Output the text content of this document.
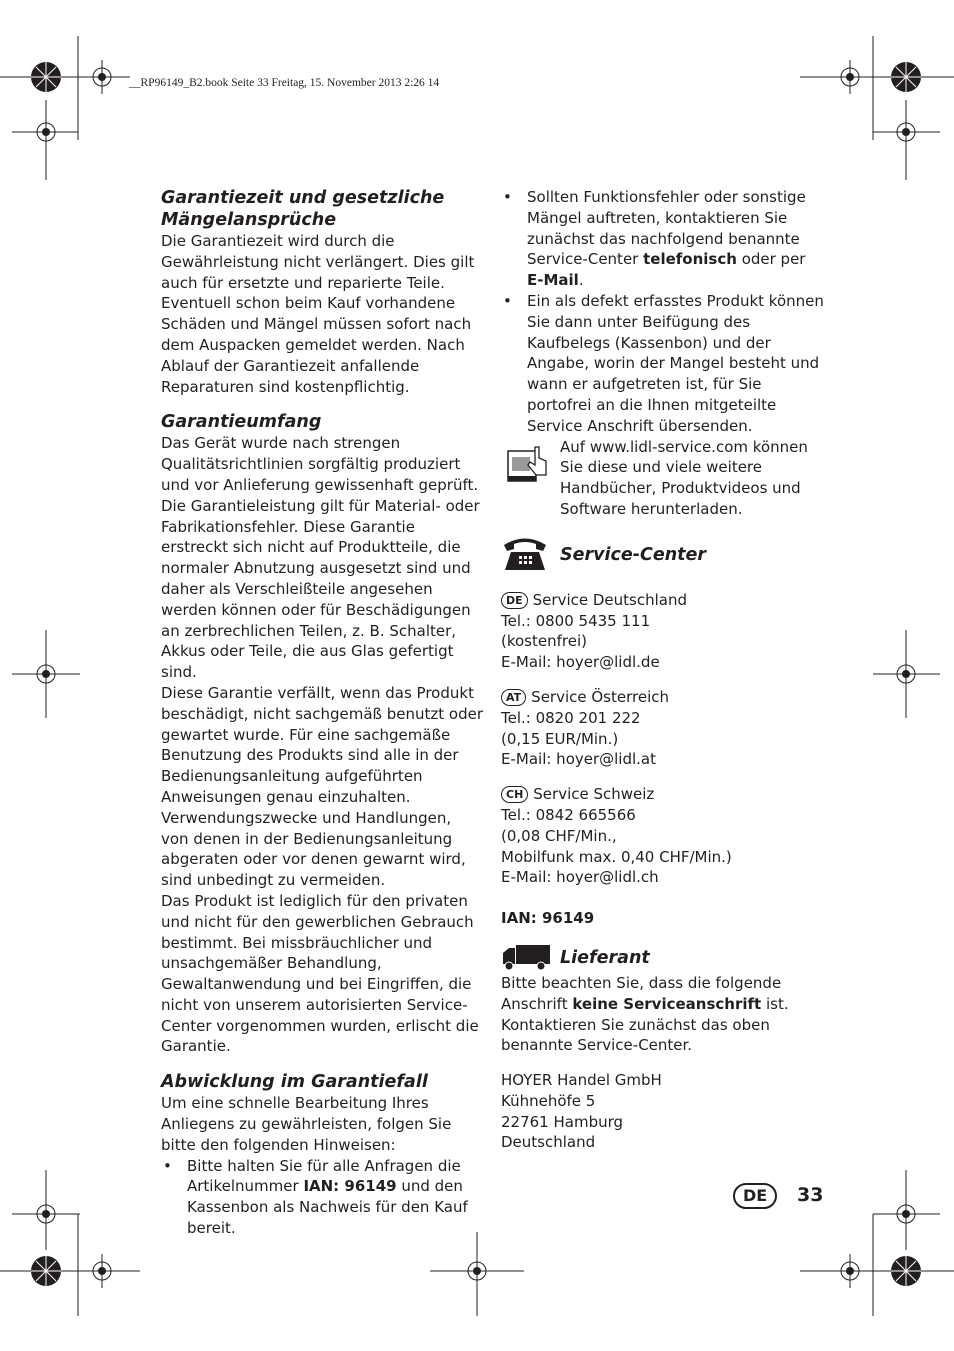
__RP96149_B2.book Seite 33 Freitag, 15. November 2013 2:26 14

Garantiezeit und gesetzliche

Mängelansprüche

Die Garantiezeit wird durch die Gewährleistung nicht verlängert. Dies gilt auch für ersetzte und reparierte Teile. Eventuell schon beim Kauf vorhandene Schäden und Mängel müssen sofort nach dem Auspacken gemeldet werden. Nach Ablauf der Garantiezeit anfallende Reparaturen sind kostenpflichtig.

Garantieumfang

Das Gerät wurde nach strengen Qualitätsrichtlinien sorgfältig produziert und vor Anlieferung gewissenhaft geprüft.

Die Garantieleistung gilt für Material- oder Fabrikationsfehler. Diese Garantie erstreckt sich nicht auf Produktteile, die normaler Abnutzung ausgesetzt sind und daher als Verschleißteile angesehen werden können oder für Beschädigungen an zerbrechlichen Teilen, z. B. Schalter, Akkus oder Teile, die aus Glas gefertigt sind.

Diese Garantie verfällt, wenn das Produkt beschädigt, nicht sachgemäß benutzt oder gewartet wurde. Für eine sachgemäße Benutzung des Produkts sind alle in der Bedienungsanleitung aufgeführten Anweisungen genau einzuhalten. Verwendungszwecke und Handlungen, von denen in der Bedienungsanleitung abgeraten oder vor denen gewarnt wird, sind unbedingt zu vermeiden.

Das Produkt ist lediglich für den privaten und nicht für den gewerblichen Gebrauch bestimmt. Bei missbräuchlicher und unsachgemäßer Behandlung, Gewaltanwendung und bei Eingriffen, die nicht von unserem autorisierten Service-Center vorgenommen wurden, erlischt die Garantie.

Abwicklung im Garantiefall

Um eine schnelle Bearbeitung Ihres Anliegens zu gewährleisten, folgen Sie bitte den folgenden Hinweisen:

• Bitte halten Sie für alle Anfragen die Artikelnummer IAN: 96149 und den Kassenbon als Nachweis für den Kauf bereit.
• Sollten Funktionsfehler oder sonstige Mängel auftreten, kontaktieren Sie zunächst das nachfolgend benannte Service-Center telefonisch oder per E-Mail.
• Ein als defekt erfasstes Produkt können Sie dann unter Beifügung des Kaufbelegs (Kassenbon) und der Angabe, worin der Mangel besteht und wann er aufgetreten ist, für Sie portofrei an die Ihnen mitgeteilte Service Anschrift übersenden.

Auf www.lidl-service.com können Sie diese und viele weitere Handbücher, Produktvideos und Software herunterladen.

Service-Center

DE Service Deutschland

Tel.: 0800 5435 111

(kostenfrei)

E-Mail: hoyer@lidl.de

AT Service Österreich

Tel.: 0820 201 222

(0,15 EUR/Min.)

E-Mail: hoyer@lidl.at

CH Service Schweiz

Tel.: 0842 665566

(0,08 CHF/Min.,

Mobilfunk max. 0,40 CHF/Min.)

E-Mail: hoyer@lidl.ch

IAN: 96149

Lieferant

Bitte beachten Sie, dass die folgende Anschrift keine Serviceanschrift ist. Kontaktieren Sie zunächst das oben benannte Service-Center.

HOYER Handel GmbH

Kühnehöfe 5

22761 Hamburg

Deutschland

DE	33
